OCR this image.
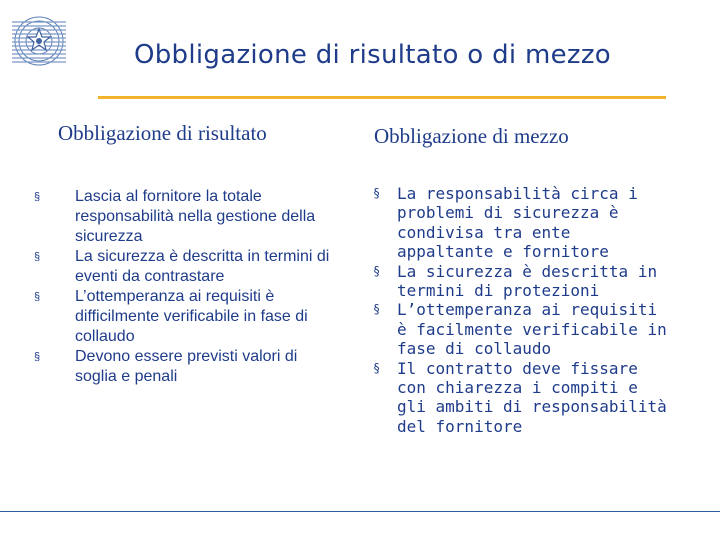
Obbligazione di risultato o di mezzo
Obbligazione di risultato	Obbligazione di mezzo
§ Lascia al fornitore la totale responsabilità nella gestione della sicurezza
§ La sicurezza è descritta in termini di eventi da contrastare
§ L’ottemperanza ai requisiti è difficilmente verificabile in fase di collaudo
§ Devono essere previsti valori di soglia e penali
§ La responsabilità circa i problemi di sicurezza è condivisa tra ente appaltante e fornitore
§ La sicurezza è descritta in termini di protezioni
§ L’ottemperanza ai requisiti è facilmente verificabile in fase di collaudo
§ Il contratto deve fissare con chiarezza i compiti e gli ambiti di responsabilità del fornitore
